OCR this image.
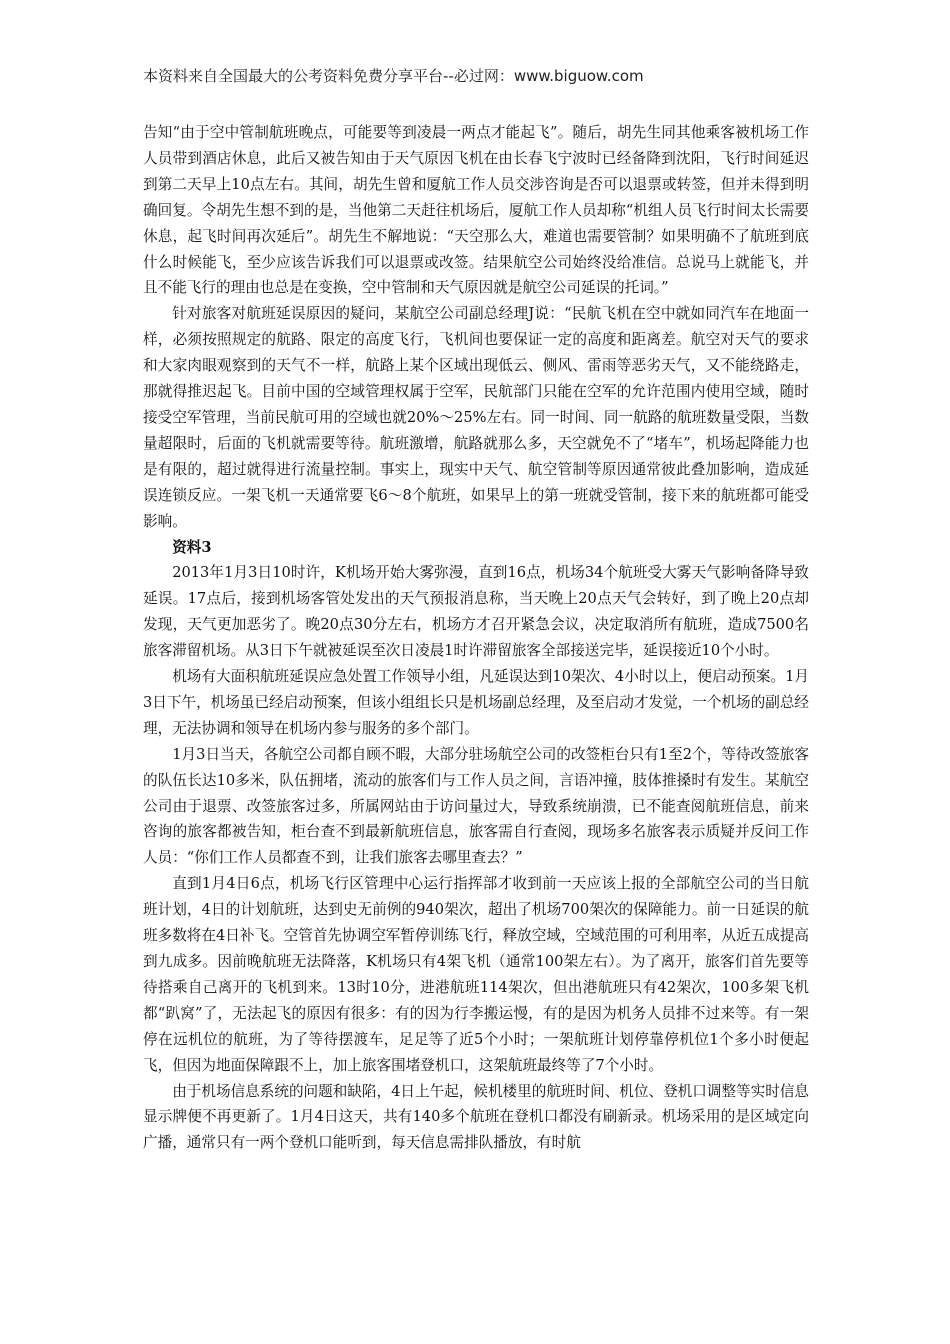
本资料来自全国最大的公考资料免费分享平台--必过网：www.biguow.com

告知“由于空中管制航班晚点，可能要等到凌晨一两点才能起飞”。随后，胡先生同其他乘客被机场工作人员带到酒店休息，此后又被告知由于天气原因飞机在由长春飞宁波时已经备降到沈阳，飞行时间延迟到第二天早上10点左右。其间，胡先生曾和厦航工作人员交涉咨询是否可以退票或转签，但并未得到明确回复。令胡先生想不到的是，当他第二天赶往机场后，厦航工作人员却称“机组人员飞行时间太长需要休息，起飞时间再次延后”。胡先生不解地说：“天空那么大，难道也需要管制？如果明确不了航班到底什么时候能飞，至少应该告诉我们可以退票或改签。结果航空公司始终没给准信。总说马上就能飞，并且不能飞行的理由也总是在变换，空中管制和天气原因就是航空公司延误的托词。”

针对旅客对航班延误原因的疑问，某航空公司副总经理J说：“民航飞机在空中就如同汽车在地面一样，必须按照规定的航路、限定的高度飞行，飞机间也要保证一定的高度和距离差。航空对天气的要求和大家肉眼观察到的天气不一样，航路上某个区域出现低云、侧风、雷雨等恶劣天气，又不能绕路走，那就得推迟起飞。目前中国的空域管理权属于空军，民航部门只能在空军的允许范围内使用空域，随时接受空军管理，当前民航可用的空域也就20%～25%左右。同一时间、同一航路的航班数量受限，当数量超限时，后面的飞机就需要等待。航班激增，航路就那么多，天空就免不了“堵车”，机场起降能力也是有限的，超过就得进行流量控制。事实上，现实中天气、航空管制等原因通常彼此叠加影响，造成延误连锁反应。一架飞机一天通常要飞6～8个航班，如果早上的第一班就受管制，接下来的航班都可能受影响。

资料3

2013年1月3日10时许，K机场开始大雾弥漫，直到16点，机场34个航班受大雾天气影响备降导致延误。17点后，接到机场客管处发出的天气预报消息称，当天晚上20点天气会转好，到了晚上20点却发现，天气更加恶劣了。晚20点30分左右，机场方才召开紧急会议，决定取消所有航班，造成7500名旅客滞留机场。从3日下午就被延误至次日凌晨1时许滞留旅客全部接送完毕，延误接近10个小时。

机场有大面积航班延误应急处置工作领导小组，凡延误达到10架次、4小时以上，便启动预案。1月3日下午，机场虽已经启动预案，但该小组组长只是机场副总经理，及至启动才发觉，一个机场的副总经理，无法协调和领导在机场内参与服务的多个部门。

1月3日当天，各航空公司都自顾不暇，大部分驻场航空公司的改签柜台只有1至2个，等待改签旅客的队伍长达10多米，队伍拥堵，流动的旅客们与工作人员之间，言语冲撞，肢体推搡时有发生。某航空公司由于退票、改签旅客过多，所属网站由于访问量过大，导致系统崩溃，已不能查阅航班信息，前来咨询的旅客都被告知，柜台查不到最新航班信息，旅客需自行查阅，现场多名旅客表示质疑并反问工作人员：“你们工作人员都查不到，让我们旅客去哪里查去？”

直到1月4日6点，机场飞行区管理中心运行指挥部才收到前一天应该上报的全部航空公司的当日航班计划，4日的计划航班，达到史无前例的940架次，超出了机场700架次的保障能力。前一日延误的航班多数将在4日补飞。空管首先协调空军暂停训练飞行，释放空域，空域范围的可利用率，从近五成提高到九成多。因前晚航班无法降落，K机场只有4架飞机（通常100架左右）。为了离开，旅客们首先要等待搭乘自己离开的飞机到来。13时10分，进港航班114架次，但出港航班只有42架次，100多架飞机都“趴窝”了，无法起飞的原因有很多：有的因为行李搬运慢，有的是因为机务人员排不过来等。有一架停在远机位的航班，为了等待摆渡车，足足等了近5个小时；一架航班计划停靠停机位1个多小时便起飞，但因为地面保障跟不上，加上旅客围堵登机口，这架航班最终等了7个小时。

由于机场信息系统的问题和缺陷，4日上午起，候机楼里的航班时间、机位、登机口调整等实时信息显示牌便不再更新了。1月4日这天，共有140多个航班在登机口都没有刷新录。机场采用的是区域定向广播，通常只有一两个登机口能听到，每天信息需排队播放，有时航
